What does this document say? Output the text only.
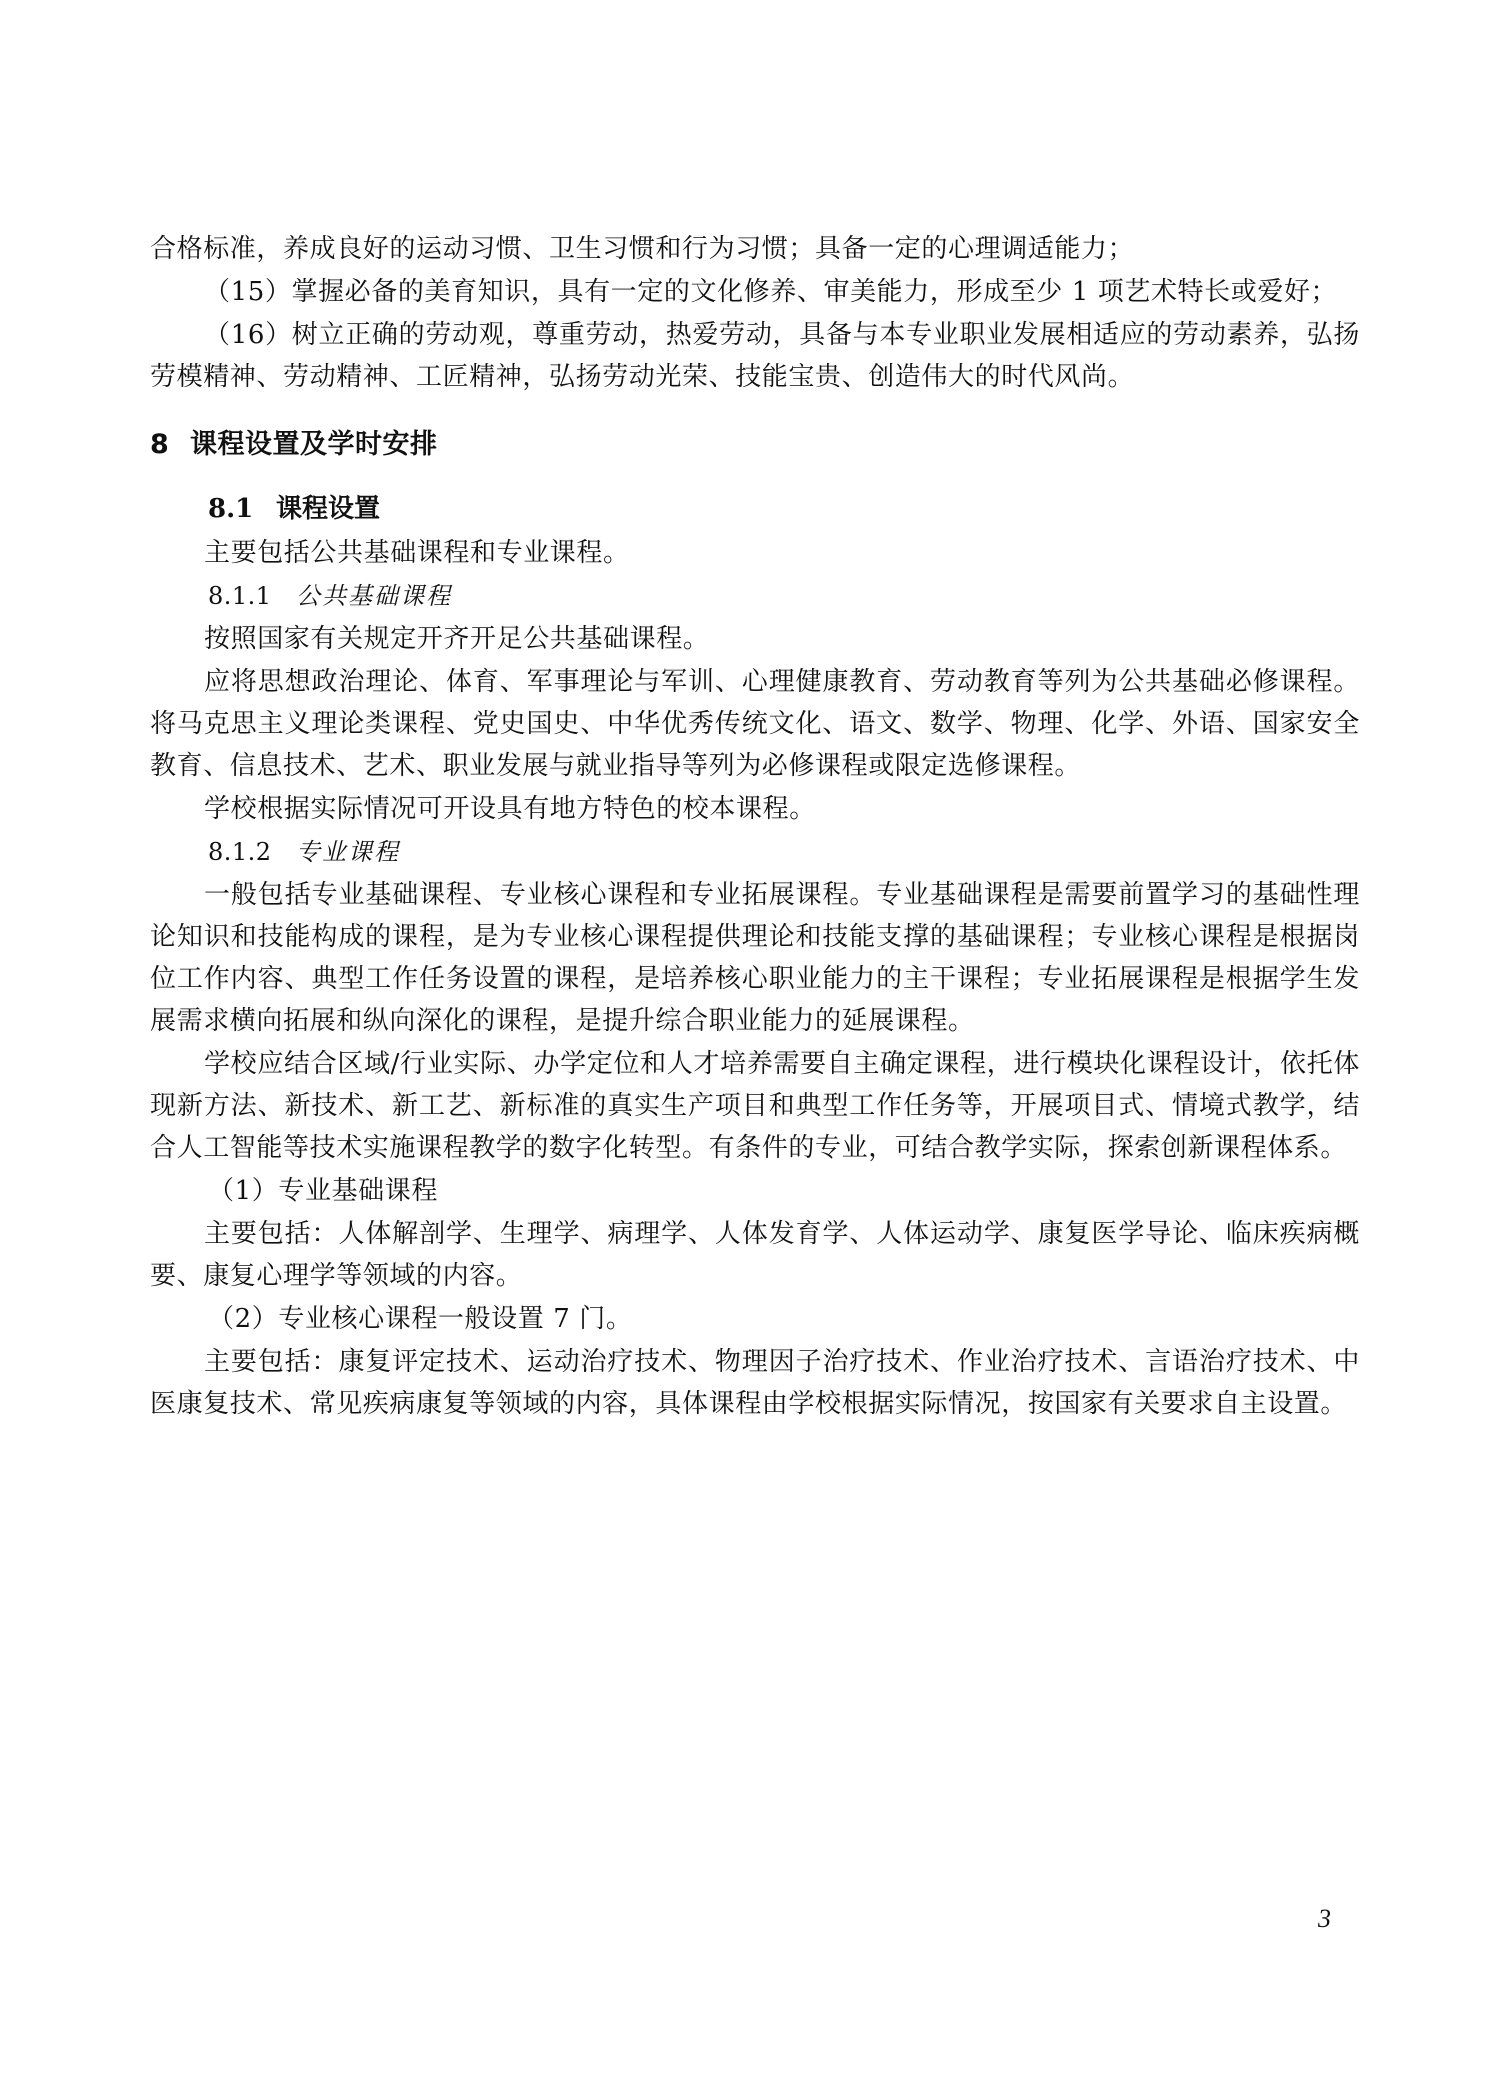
合格标准，养成良好的运动习惯、卫生习惯和行为习惯；具备一定的心理调适能力；

（15）掌握必备的美育知识，具有一定的文化修养、审美能力，形成至少 1 项艺术特长或爱好；

（16）树立正确的劳动观，尊重劳动，热爱劳动，具备与本专业职业发展相适应的劳动素养，弘扬劳模精神、劳动精神、工匠精神，弘扬劳动光荣、技能宝贵、创造伟大的时代风尚。

8 课程设置及学时安排
8.1 课程设置

主要包括公共基础课程和专业课程。

8.1.1 公共基础课程

按照国家有关规定开齐开足公共基础课程。

应将思想政治理论、体育、军事理论与军训、心理健康教育、劳动教育等列为公共基础必修课程。将马克思主义理论类课程、党史国史、中华优秀传统文化、语文、数学、物理、化学、外语、国家安全教育、信息技术、艺术、职业发展与就业指导等列为必修课程或限定选修课程。

学校根据实际情况可开设具有地方特色的校本课程。

8.1.2 专业课程

一般包括专业基础课程、专业核心课程和专业拓展课程。专业基础课程是需要前置学习的基础性理论知识和技能构成的课程，是为专业核心课程提供理论和技能支撑的基础课程；专业核心课程是根据岗位工作内容、典型工作任务设置的课程，是培养核心职业能力的主干课程；专业拓展课程是根据学生发展需求横向拓展和纵向深化的课程，是提升综合职业能力的延展课程。

学校应结合区域/行业实际、办学定位和人才培养需要自主确定课程，进行模块化课程设计，依托体现新方法、新技术、新工艺、新标准的真实生产项目和典型工作任务等，开展项目式、情境式教学，结合人工智能等技术实施课程教学的数字化转型。有条件的专业，可结合教学实际，探索创新课程体系。

（1）专业基础课程

主要包括：人体解剖学、生理学、病理学、人体发育学、人体运动学、康复医学导论、临床疾病概要、康复心理学等领域的内容。

（2）专业核心课程一般设置 7 门。

主要包括：康复评定技术、运动治疗技术、物理因子治疗技术、作业治疗技术、言语治疗技术、中医康复技术、常见疾病康复等领域的内容，具体课程由学校根据实际情况，按国家有关要求自主设置。

3
